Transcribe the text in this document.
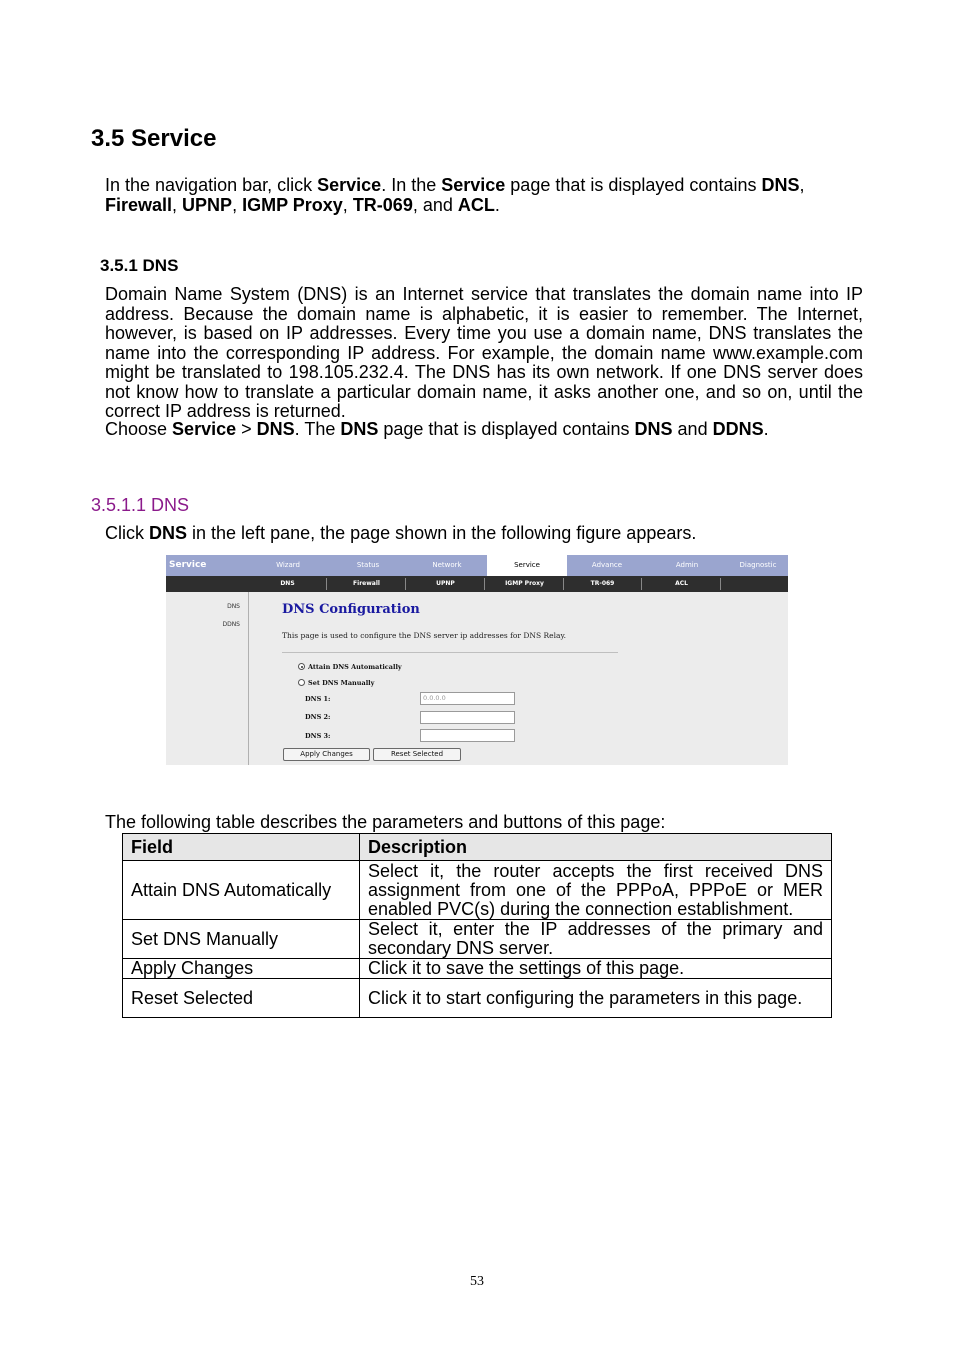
3.5 Service

In the navigation bar, click Service. In the Service page that is displayed contains DNS,
Firewall, UPNP, IGMP Proxy, TR-069, and ACL.

3.5.1 DNS

Domain Name System (DNS) is an Internet service that translates the domain name into IP address. Because the domain name is alphabetic, it is easier to remember. The Internet, however, is based on IP addresses. Every time you use a domain name, DNS translates the name into the corresponding IP address. For example, the domain name www.example.com might be translated to 198.105.232.4. The DNS has its own network. If one DNS server does not know how to translate a particular domain name, it asks another one, and so on, until the correct IP address is returned.

Choose Service > DNS. The DNS page that is displayed contains DNS and DDNS.

3.5.1.1 DNS

Click DNS in the left pane, the page shown in the following figure appears.

Service	Wizard	Status	Network	Service	Advance	Admin	Diagnostic
DNS	Firewall	UPNP	IGMP Proxy	TR-069	ACL
DNS
DDNS
DNS Configuration
This page is used to configure the DNS server ip addresses for DNS Relay.
Attain DNS Automatically
Set DNS Manually
DNS 1:	0.0.0.0
DNS 2:
DNS 3:
Apply Changes	Reset Selected

The following table describes the parameters and buttons of this page:

Field	Description
Attain DNS Automatically	Select it, the router accepts the first received DNS assignment from one of the PPPoA, PPPoE or MER enabled PVC(s) during the connection establishment.
Set DNS Manually	Select it, enter the IP addresses of the primary and secondary DNS server.
Apply Changes	Click it to save the settings of this page.
Reset Selected	Click it to start configuring the parameters in this page.
53
